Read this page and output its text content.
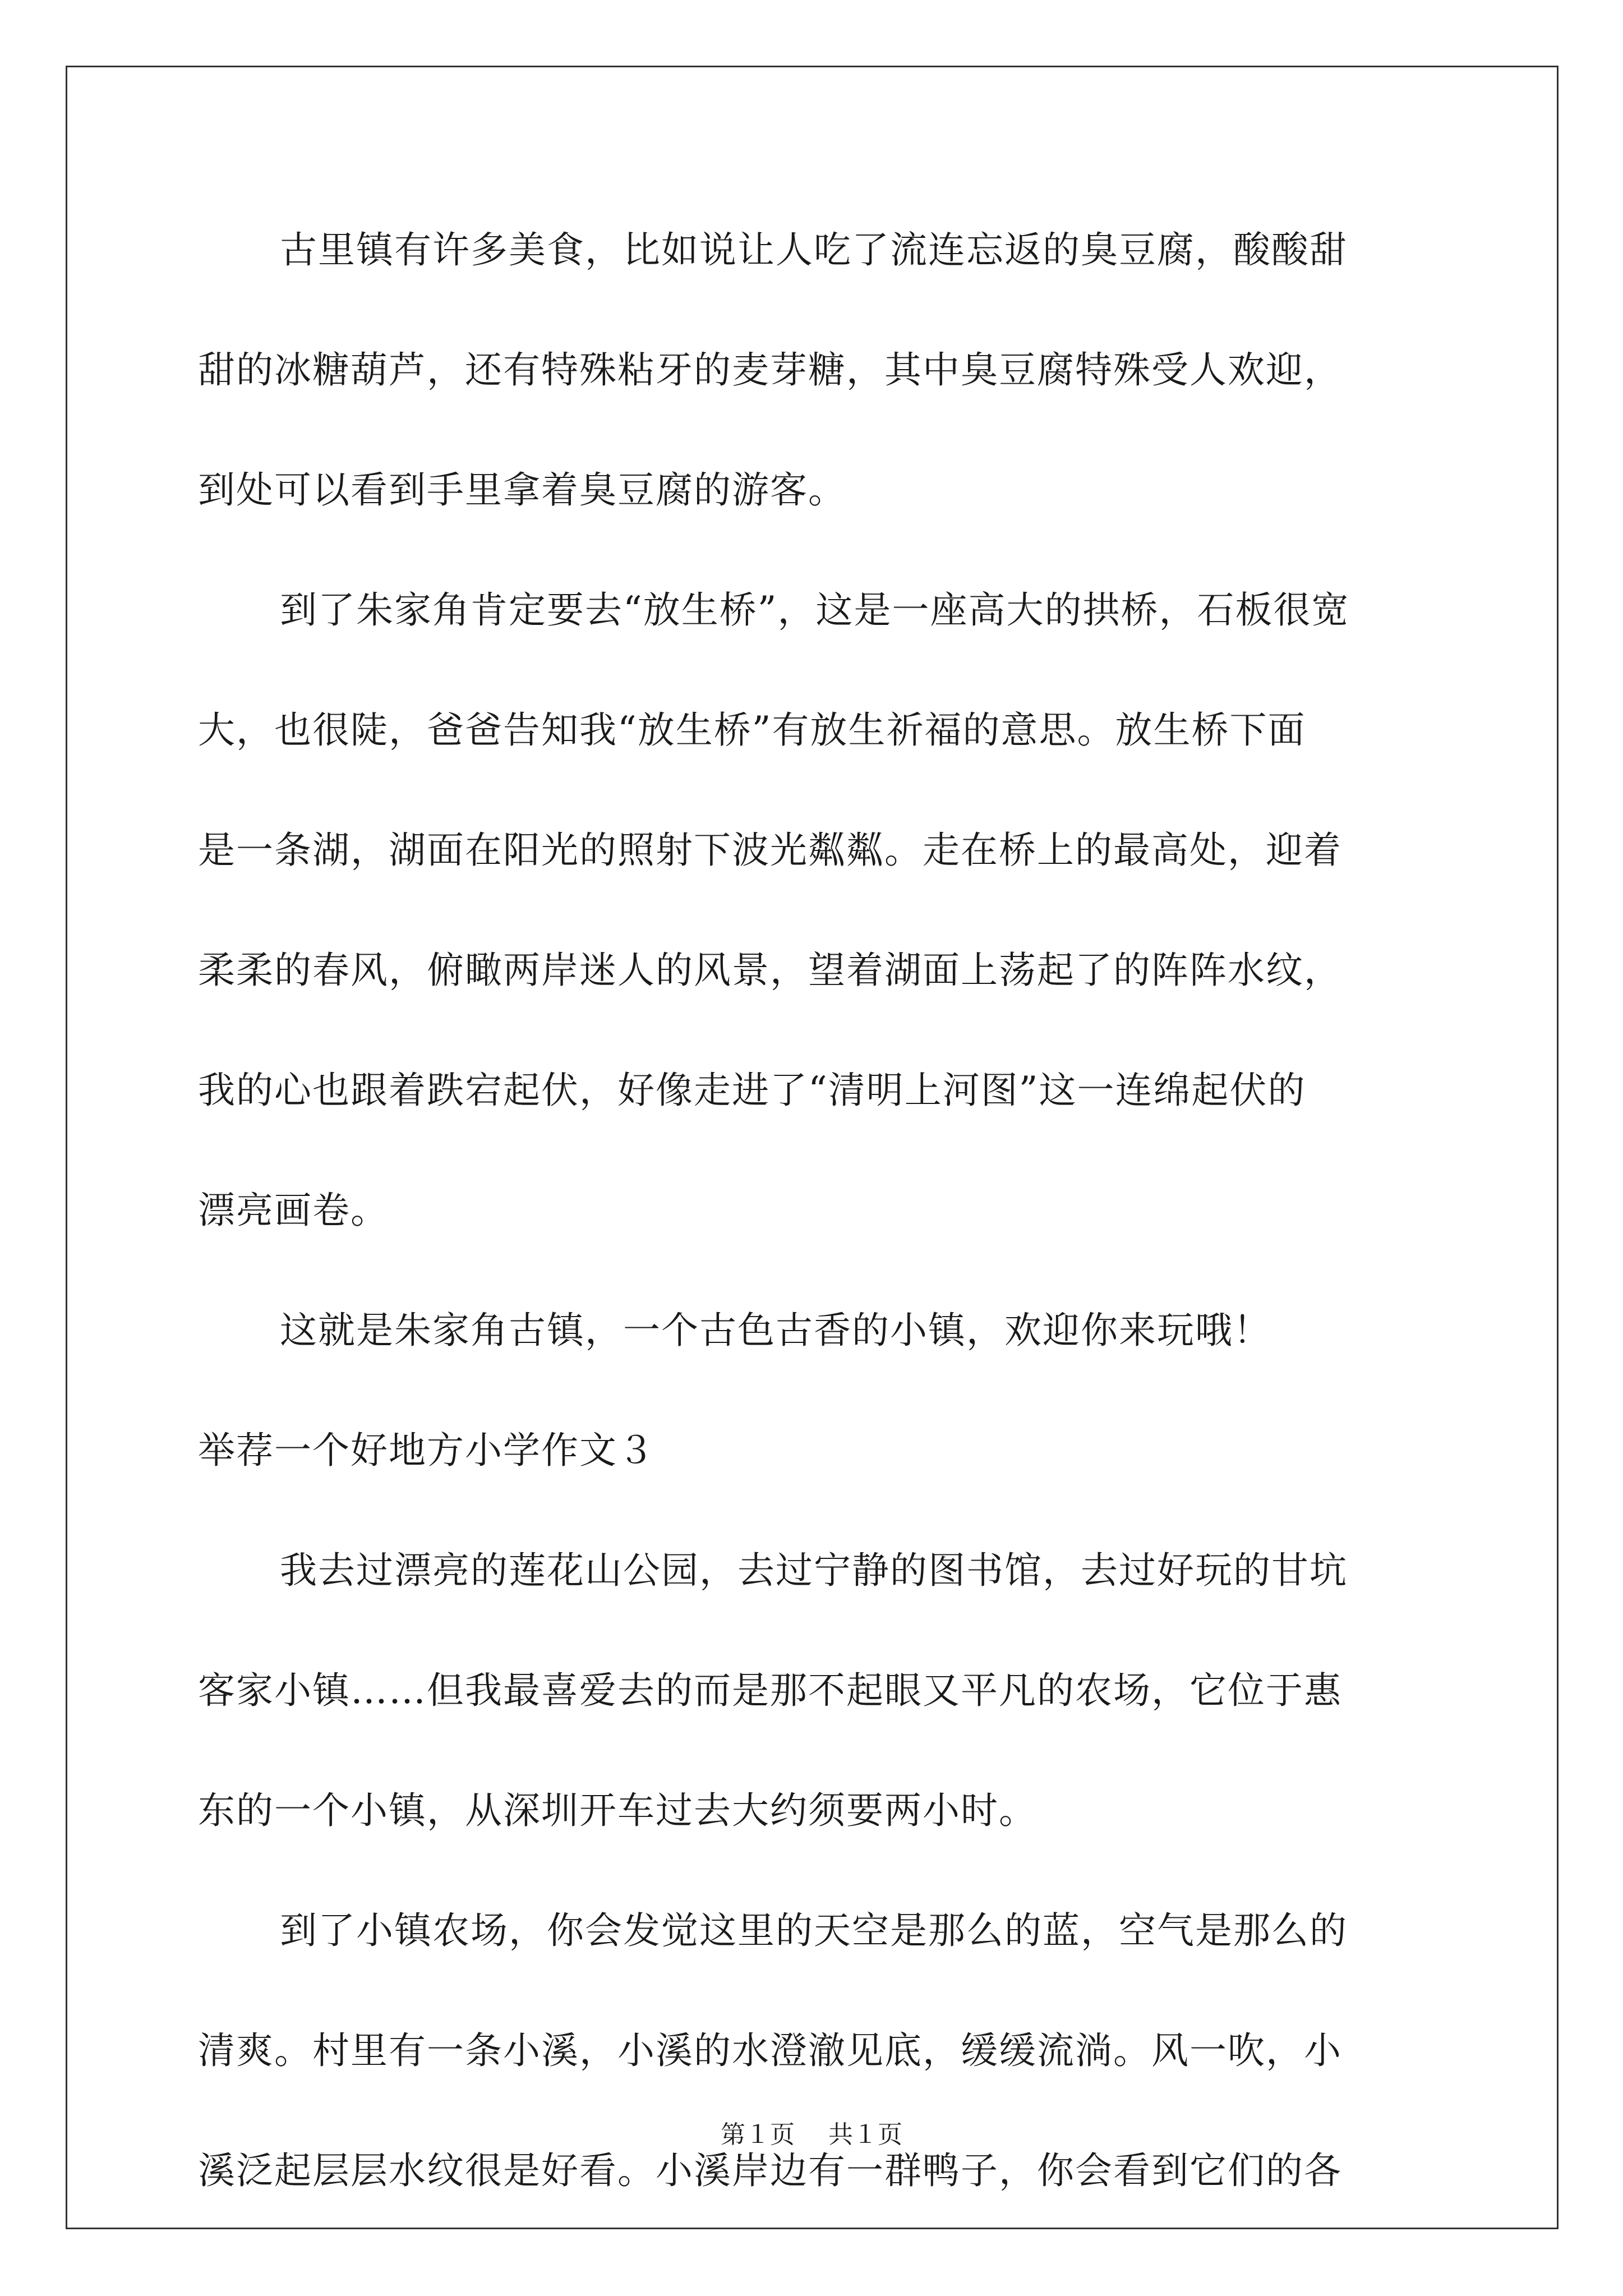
古里镇有许多美食，比如说让人吃了流连忘返的臭豆腐，酸酸甜
甜的冰糖葫芦，还有特殊粘牙的麦芽糖，其中臭豆腐特殊受人欢迎，
到处可以看到手里拿着臭豆腐的游客。
到了朱家角肯定要去“放生桥”，这是一座高大的拱桥，石板很宽
大，也很陡，爸爸告知我“放生桥”有放生祈福的意思。放生桥下面
是一条湖，湖面在阳光的照射下波光粼粼。走在桥上的最高处，迎着
柔柔的春风，俯瞰两岸迷人的风景，望着湖面上荡起了的阵阵水纹，
我的心也跟着跌宕起伏，好像走进了“清明上河图”这一连绵起伏的
漂亮画卷。
这就是朱家角古镇，一个古色古香的小镇，欢迎你来玩哦！
举荐一个好地方小学作文３
我去过漂亮的莲花山公园，去过宁静的图书馆，去过好玩的甘坑
客家小镇……但我最喜爱去的而是那不起眼又平凡的农场，它位于惠
东的一个小镇，从深圳开车过去大约须要两小时。
到了小镇农场，你会发觉这里的天空是那么的蓝，空气是那么的
清爽。村里有一条小溪，小溪的水澄澈见底，缓缓流淌。风一吹，小
溪泛起层层水纹很是好看。小溪岸边有一群鸭子，你会看到它们的各
第１页 共１页
